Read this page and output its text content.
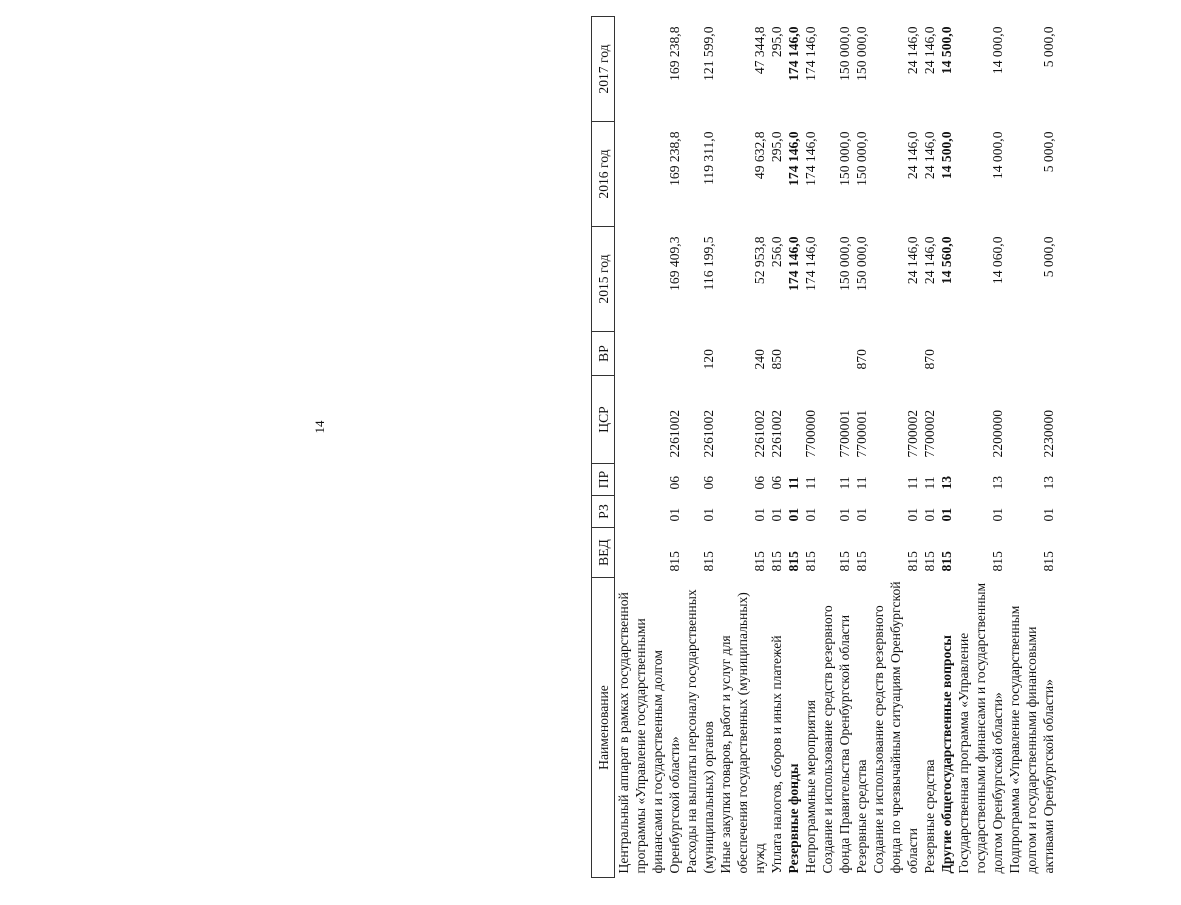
14
Наименование	ВЕД	РЗ	ПР	ЦСР	ВР	2015 год	2016 год	2017 год
Центральный аппарат в рамках государственной программы «Управление государственными финансами и государственным долгом Оренбургской области»	815	01	06	2261002		169 409,3	169 238,8	169 238,8
Расходы на выплаты персоналу государственных (муниципальных) органов	815	01	06	2261002	120	116 199,5	119 311,0	121 599,0
Иные закупки товаров, работ и услуг для обеспечения государственных (муниципальных) нужд	815	01	06	2261002	240	52 953,8	49 632,8	47 344,8
Уплата налогов, сборов и иных платежей	815	01	06	2261002	850	256,0	295,0	295,0
Резервные фонды	815	01	11			174 146,0	174 146,0	174 146,0
Непрограммные мероприятия	815	01	11	7700000		174 146,0	174 146,0	174 146,0
Создание и использование средств резервного фонда Правительства Оренбургской области	815	01	11	7700001		150 000,0	150 000,0	150 000,0
Резервные средства	815	01	11	7700001	870	150 000,0	150 000,0	150 000,0
Создание и использование средств резервного фонда по чрезвычайным ситуациям Оренбургской области	815	01	11	7700002		24 146,0	24 146,0	24 146,0
Резервные средства	815	01	11	7700002	870	24 146,0	24 146,0	24 146,0
Другие общегосударственные вопросы	815	01	13			14 560,0	14 500,0	14 500,0
Государственная программа «Управление государственными финансами и государственным долгом Оренбургской области»	815	01	13	2200000		14 060,0	14 000,0	14 000,0
Подпрограмма «Управление государственным долгом и государственными финансовыми активами Оренбургской области»	815	01	13	2230000		5 000,0	5 000,0	5 000,0
